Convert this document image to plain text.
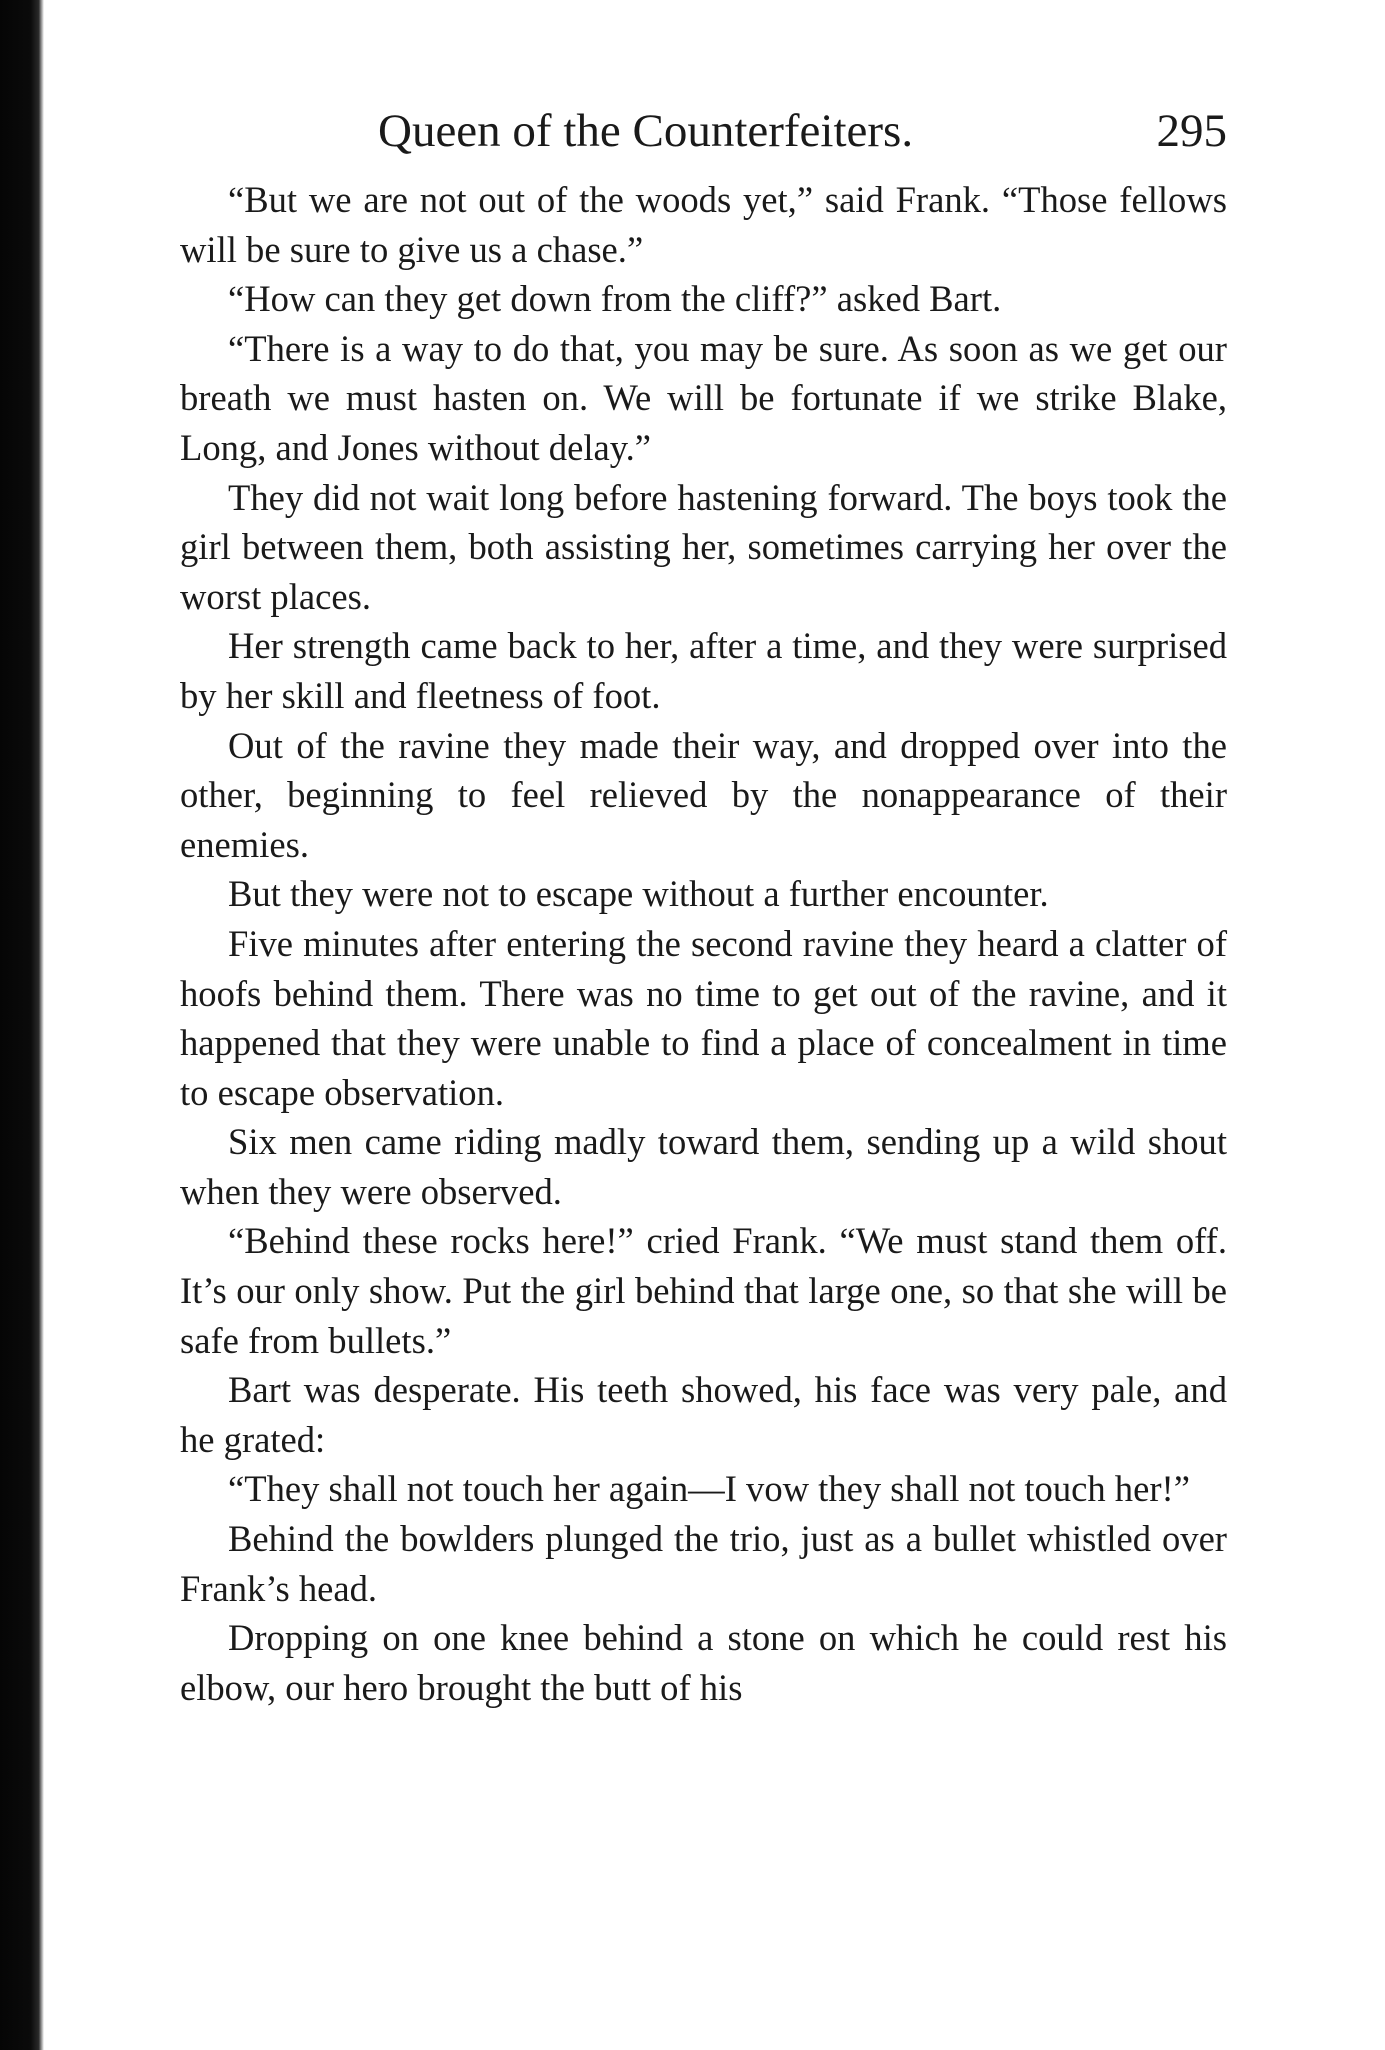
Queen of the Counterfeiters.	295

“But we are not out of the woods yet,” said Frank. “Those fellows will be sure to give us a chase.”

“How can they get down from the cliff?” asked Bart.

“There is a way to do that, you may be sure. As soon as we get our breath we must hasten on. We will be fortunate if we strike Blake, Long, and Jones without delay.”

They did not wait long before hastening forward. The boys took the girl between them, both assisting her, sometimes carrying her over the worst places.

Her strength came back to her, after a time, and they were surprised by her skill and fleetness of foot.

Out of the ravine they made their way, and dropped over into the other, beginning to feel relieved by the nonappearance of their enemies.

But they were not to escape without a further encounter.

Five minutes after entering the second ravine they heard a clatter of hoofs behind them. There was no time to get out of the ravine, and it happened that they were unable to find a place of concealment in time to escape observation.

Six men came riding madly toward them, sending up a wild shout when they were observed.

“Behind these rocks here!” cried Frank. “We must stand them off. It’s our only show. Put the girl behind that large one, so that she will be safe from bullets.”

Bart was desperate. His teeth showed, his face was very pale, and he grated:

“They shall not touch her again—I vow they shall not touch her!”

Behind the bowlders plunged the trio, just as a bullet whistled over Frank’s head.

Dropping on one knee behind a stone on which he could rest his elbow, our hero brought the butt of his
